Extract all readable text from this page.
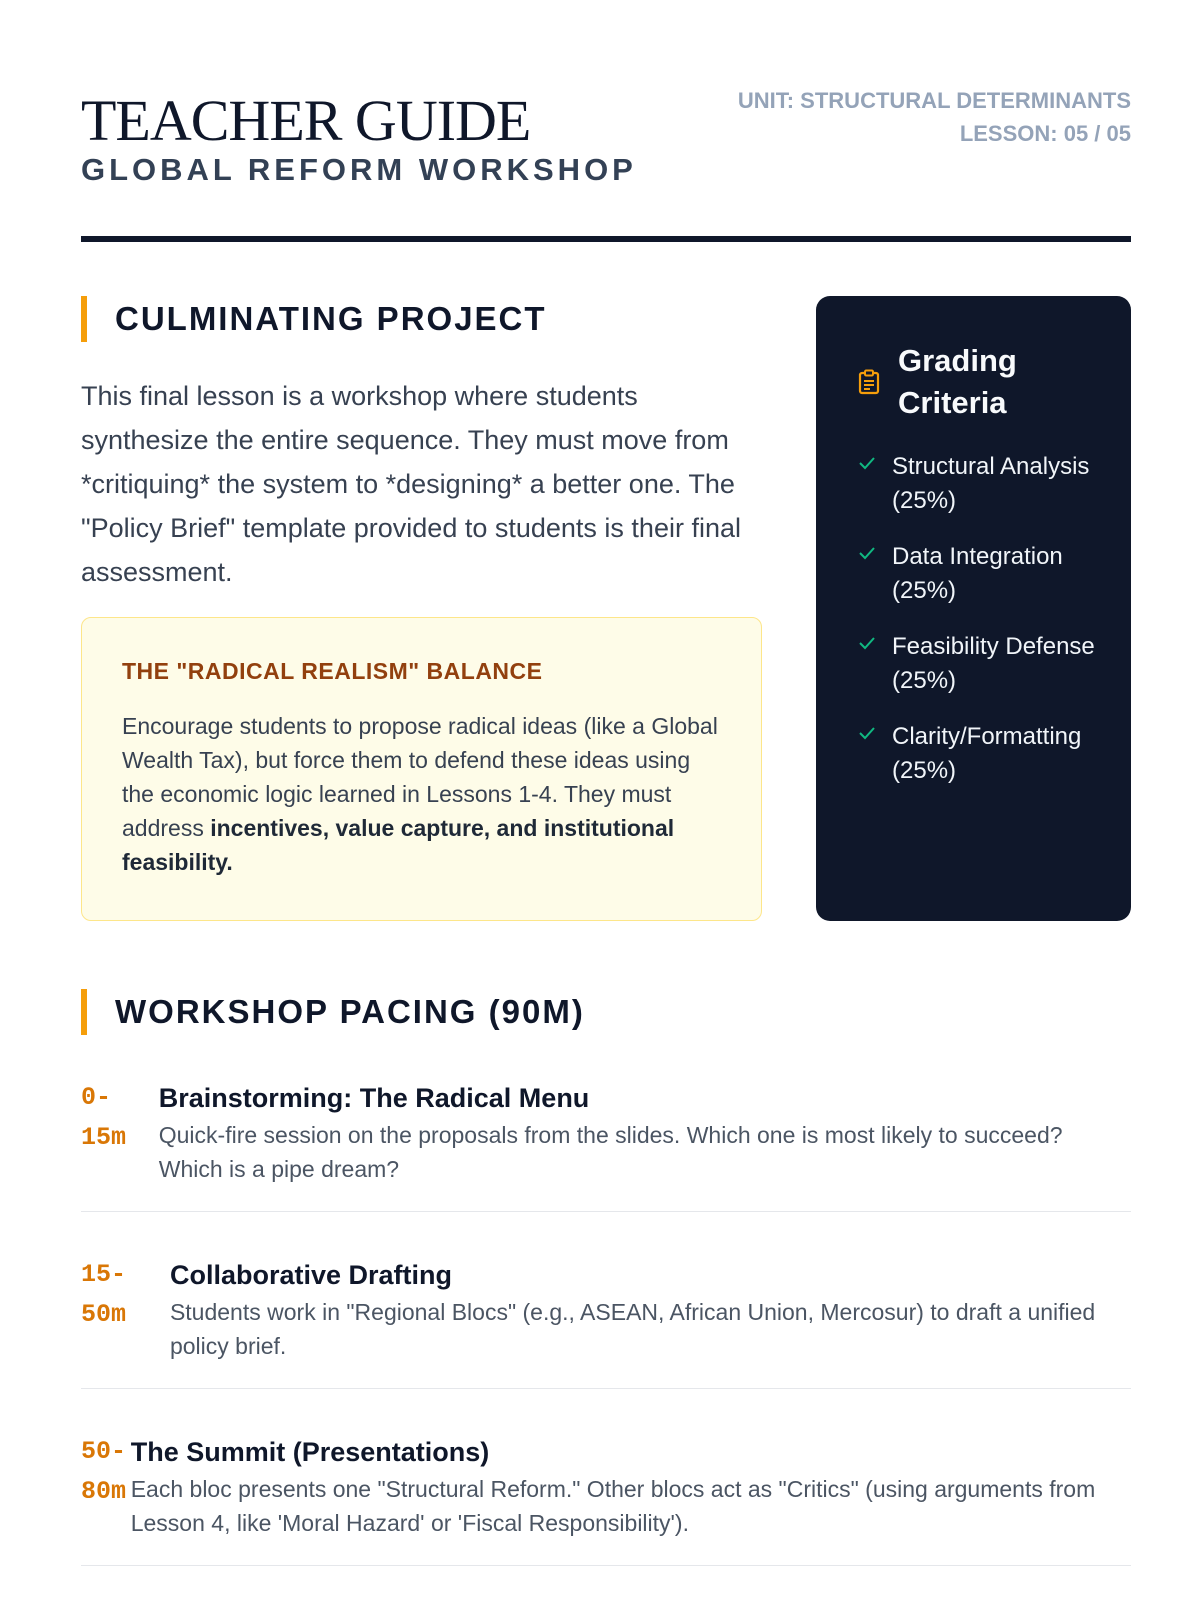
TEACHER GUIDE
GLOBAL REFORM WORKSHOP
UNIT: STRUCTURAL DETERMINANTS
LESSON: 05 / 05
CULMINATING PROJECT
This final lesson is a workshop where students synthesize the entire sequence. They must move from *critiquing* the system to *designing* a better one. The "Policy Brief" template provided to students is their final assessment.
THE "RADICAL REALISM" BALANCE
Encourage students to propose radical ideas (like a Global Wealth Tax), but force them to defend these ideas using the economic logic learned in Lessons 1-4. They must address incentives, value capture, and institutional feasibility.
Grading Criteria
Structural Analysis (25%)
Data Integration (25%)
Feasibility Defense (25%)
Clarity/Formatting (25%)
WORKSHOP PACING (90M)
0-
15m
Brainstorming: The Radical Menu
Quick-fire session on the proposals from the slides. Which one is most likely to succeed? Which is a pipe dream?
15-
50m
Collaborative Drafting
Students work in "Regional Blocs" (e.g., ASEAN, African Union, Mercosur) to draft a unified policy brief.
50-
80m
The Summit (Presentations)
Each bloc presents one "Structural Reform." Other blocs act as "Critics" (using arguments from Lesson 4, like 'Moral Hazard' or 'Fiscal Responsibility').
